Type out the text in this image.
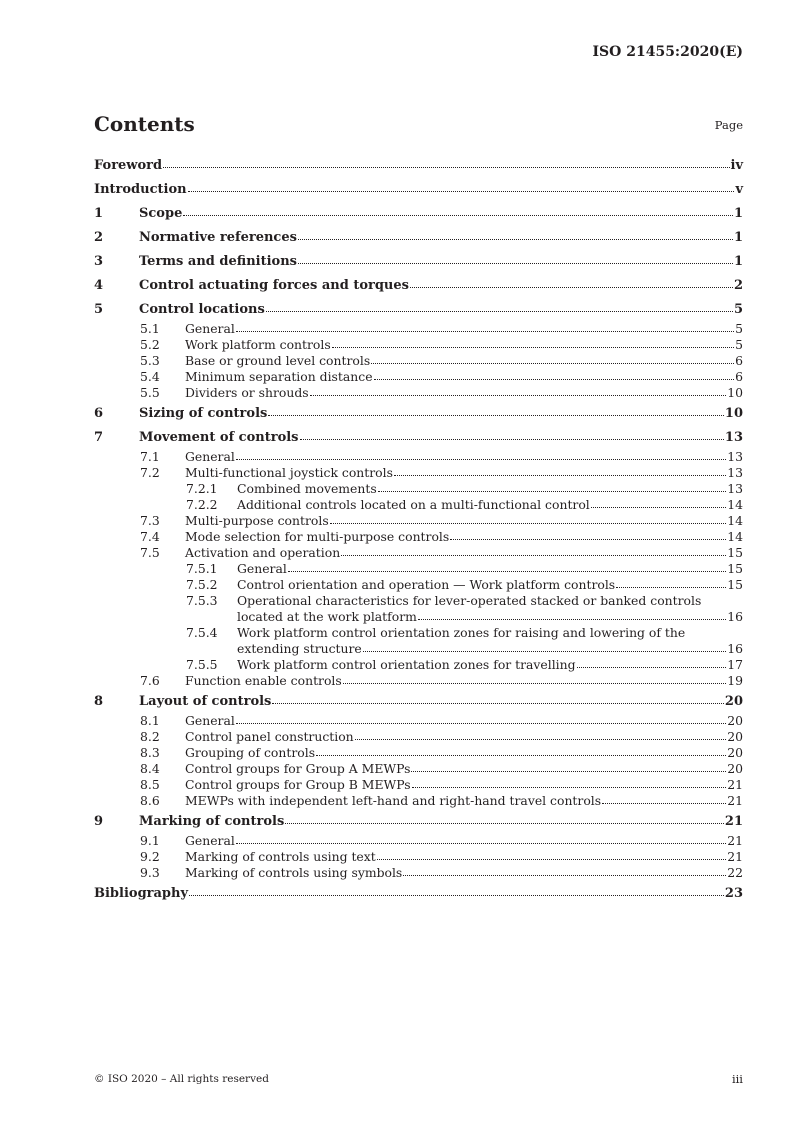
ISO 21455:2020(E)
Contents	Page
Foreword	iv
Introduction	v
1	Scope	1
2	Normative references	1
3	Terms and definitions	1
4	Control actuating forces and torques	2
5	Control locations	5
5.1	General	5
5.2	Work platform controls	5
5.3	Base or ground level controls	6
5.4	Minimum separation distance	6
5.5	Dividers or shrouds	10
6	Sizing of controls	10
7	Movement of controls	13
7.1	General	13
7.2	Multi-functional joystick controls	13
7.2.1	Combined movements	13
7.2.2	Additional controls located on a multi-functional control	14
7.3	Multi-purpose controls	14
7.4	Mode selection for multi-purpose controls	14
7.5	Activation and operation	15
7.5.1	General	15
7.5.2	Control orientation and operation — Work platform controls	15
7.5.3	Operational characteristics for lever-operated stacked or banked controls
located at the work platform	16
7.5.4	Work platform control orientation zones for raising and lowering of the
extending structure	16
7.5.5	Work platform control orientation zones for travelling	17
7.6	Function enable controls	19
8	Layout of controls	20
8.1	General	20
8.2	Control panel construction	20
8.3	Grouping of controls	20
8.4	Control groups for Group A MEWPs	20
8.5	Control groups for Group B MEWPs	21
8.6	MEWPs with independent left-hand and right-hand travel controls	21
9	Marking of controls	21
9.1	General	21
9.2	Marking of controls using text	21
9.3	Marking of controls using symbols	22
Bibliography	23
© ISO 2020 – All rights reserved	iii
